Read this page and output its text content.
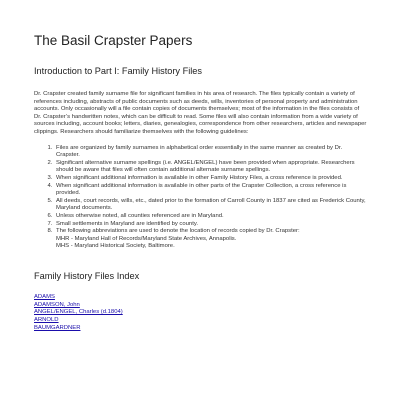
The Basil Crapster Papers
Introduction to Part I: Family History Files

Dr. Crapster created family surname file for significant families in his area of research. The files typically contain a variety of references including, abstracts of public documents such as deeds, wills, inventories of personal property and administration accounts. Only occasionally will a file contain copies of documents themselves; most of the information in the files consists of Dr. Crapster’s handwritten notes, which can be difficult to read. Some files will also contain information from a wide variety of sources including, account books; letters, diaries, genealogies, correspondence from other researchers, articles and newspaper clippings. Researchers should familiarize themselves with the following guidelines:

1. Files are organized by family surnames in alphabetical order essentially in the same manner as created by Dr. Crapster.
2. Significant alternative surname spellings (i.e. ANGEL/ENGEL) have been provided when appropriate. Researchers should be aware that files will often contain additional alternate surname spellings.
3. When significant additional information is available in other Family History Files, a cross reference is provided.
4. When significant additional information is available in other parts of the Crapster Collection, a cross reference is provided.
5. All deeds, court records, wills, etc., dated prior to the formation of Carroll County in 1837 are cited as Frederick County, Maryland documents.
6. Unless otherwise noted, all counties referenced are in Maryland.
7. Small settlements in Maryland are identified by county.
8. The following abbreviations are used to denote the location of records copied by Dr. Crapster:
MHR - Maryland Hall of Records/Maryland State Archives, Annapolis.
MHS - Maryland Historical Society, Baltimore.
Family History Files Index
ADAMS
ADAMSON, John
ANGEL/ENGEL, Charles (d.1804)
ARNOLD
BAUMGARDNER
